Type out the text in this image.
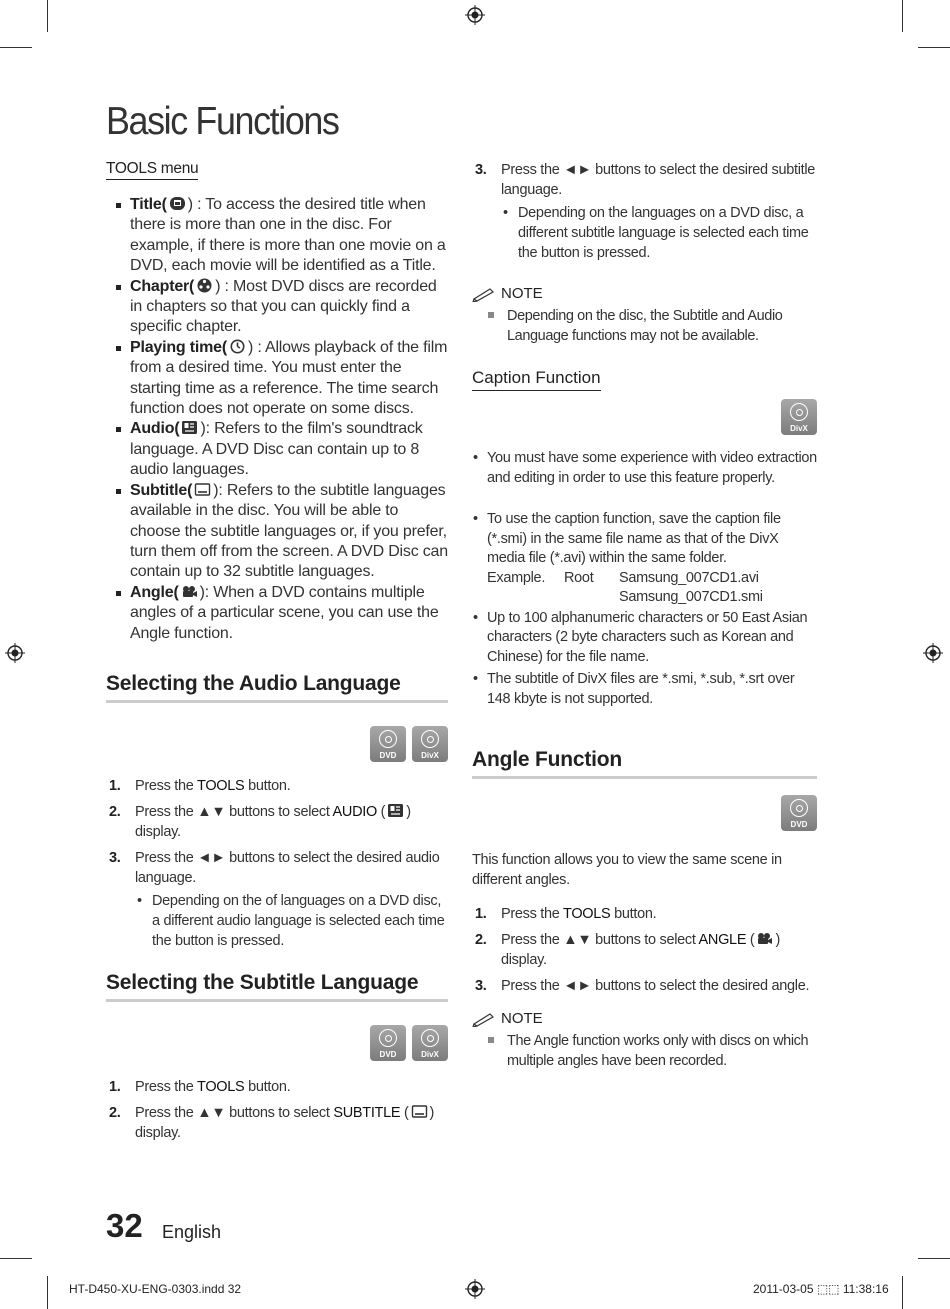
Basic Functions
TOOLS menu
Title( ) : To access the desired title when there is more than one in the disc. For example, if there is more than one movie on a DVD, each movie will be identified as a Title.
Chapter( ) : Most DVD discs are recorded in chapters so that you can quickly find a specific chapter.
Playing time( ) : Allows playback of the film from a desired time. You must enter the starting time as a reference. The time search function does not operate on some discs.
Audio( ): Refers to the film's soundtrack language. A DVD Disc can contain up to 8 audio languages.
Subtitle( ): Refers to the subtitle languages available in the disc. You will be able to choose the subtitle languages or, if you prefer, turn them off from the screen. A DVD Disc can contain up to 32 subtitle languages.
Angle( ): When a DVD contains multiple angles of a particular scene, you can use the Angle function.
Selecting the Audio Language
DVD	DivX
1. Press the TOOLS button.
2. Press the ▲▼ buttons to select AUDIO ( ) display.
3. Press the ◄► buttons to select the desired audio language.
• Depending on the of languages on a DVD disc, a different audio language is selected each time the button is pressed.
Selecting the Subtitle Language
DVD	DivX
1. Press the TOOLS button.
2. Press the ▲▼ buttons to select SUBTITLE ( ) display.
3. Press the ◄► buttons to select the desired subtitle language.
• Depending on the languages on a DVD disc, a different subtitle language is selected each time the button is pressed.
NOTE
Depending on the disc, the Subtitle and Audio Language functions may not be available.
Caption Function
DivX
• You must have some experience with video extraction and editing in order to use this feature properly.
• To use the caption function, save the caption file (*.smi) in the same file name as that of the DivX media file (*.avi) within the same folder.
Example.	Root	Samsung_007CD1.avi
Samsung_007CD1.smi
• Up to 100 alphanumeric characters or 50 East Asian characters (2 byte characters such as Korean and Chinese) for the file name.
• The subtitle of DivX files are *.smi, *.sub, *.srt over 148 kbyte is not supported.
Angle Function
DVD

This function allows you to view the same scene in different angles.

1. Press the TOOLS button.
2. Press the ▲▼ buttons to select ANGLE ( ) display.
3. Press the ◄► buttons to select the desired angle.
NOTE
The Angle function works only with discs on which multiple angles have been recorded.
32 English
HT-D450-XU-ENG-0303.indd 32	2011-03-05 ⬚⬚ 11:38:16
